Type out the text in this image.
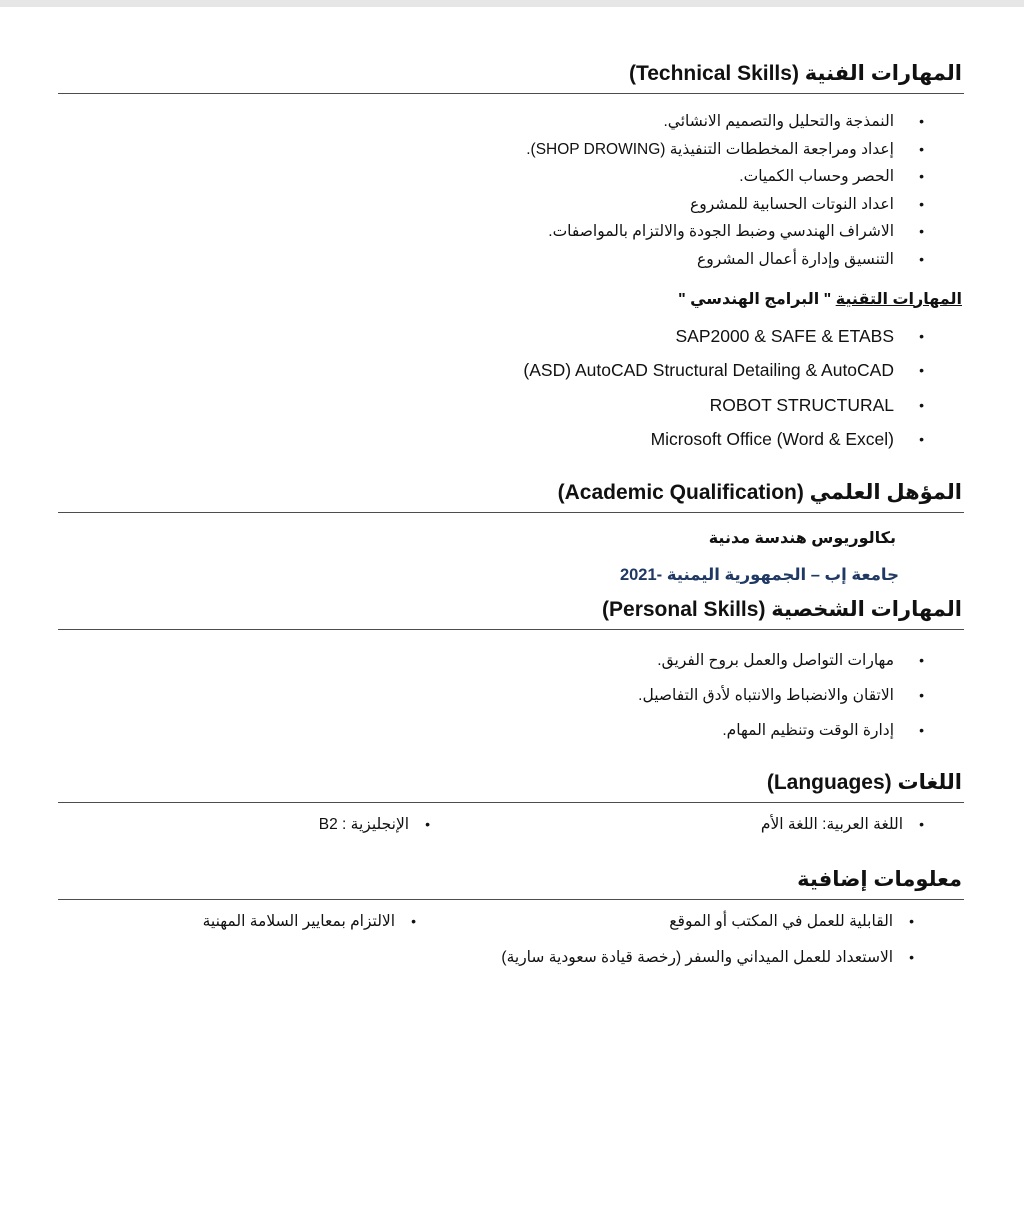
المهارات الفنية (Technical Skills)
•
النمذجة والتحليل والتصميم الانشائي.
•
إعداد ومراجعة المخططات التنفيذية (SHOP DROWING).
•
الحصر وحساب الكميات.
•
اعداد النوتات الحسابية للمشروع
•
الاشراف الهندسي وضبط الجودة والالتزام بالمواصفات.
•
التنسيق وإدارة أعمال المشروع
المهارات التقنية " البرامج الهندسي "
•
SAP2000 & SAFE & ETABS
•
(ASD) AutoCAD Structural Detailing & AutoCAD
•
ROBOT STRUCTURAL
•
Microsoft Office (Word & Excel)
المؤهل العلمي (Academic Qualification)
بكالوريوس هندسة مدنية
جامعة إب – الجمهورية اليمنية -2021
المهارات الشخصية (Personal Skills)
•
مهارات التواصل والعمل بروح الفريق.
•
الاتقان والانضباط والانتباه لأدق التفاصيل.
•
إدارة الوقت وتنظيم المهام.
اللغات (Languages)
•اللغة العربية: اللغة الأم
•الإنجليزية : B2
معلومات إضافية
•القابلية للعمل في المكتب أو الموقع
•الالتزام بمعايير السلامة المهنية
•الاستعداد للعمل الميداني والسفر (رخصة قيادة سعودية سارية)
